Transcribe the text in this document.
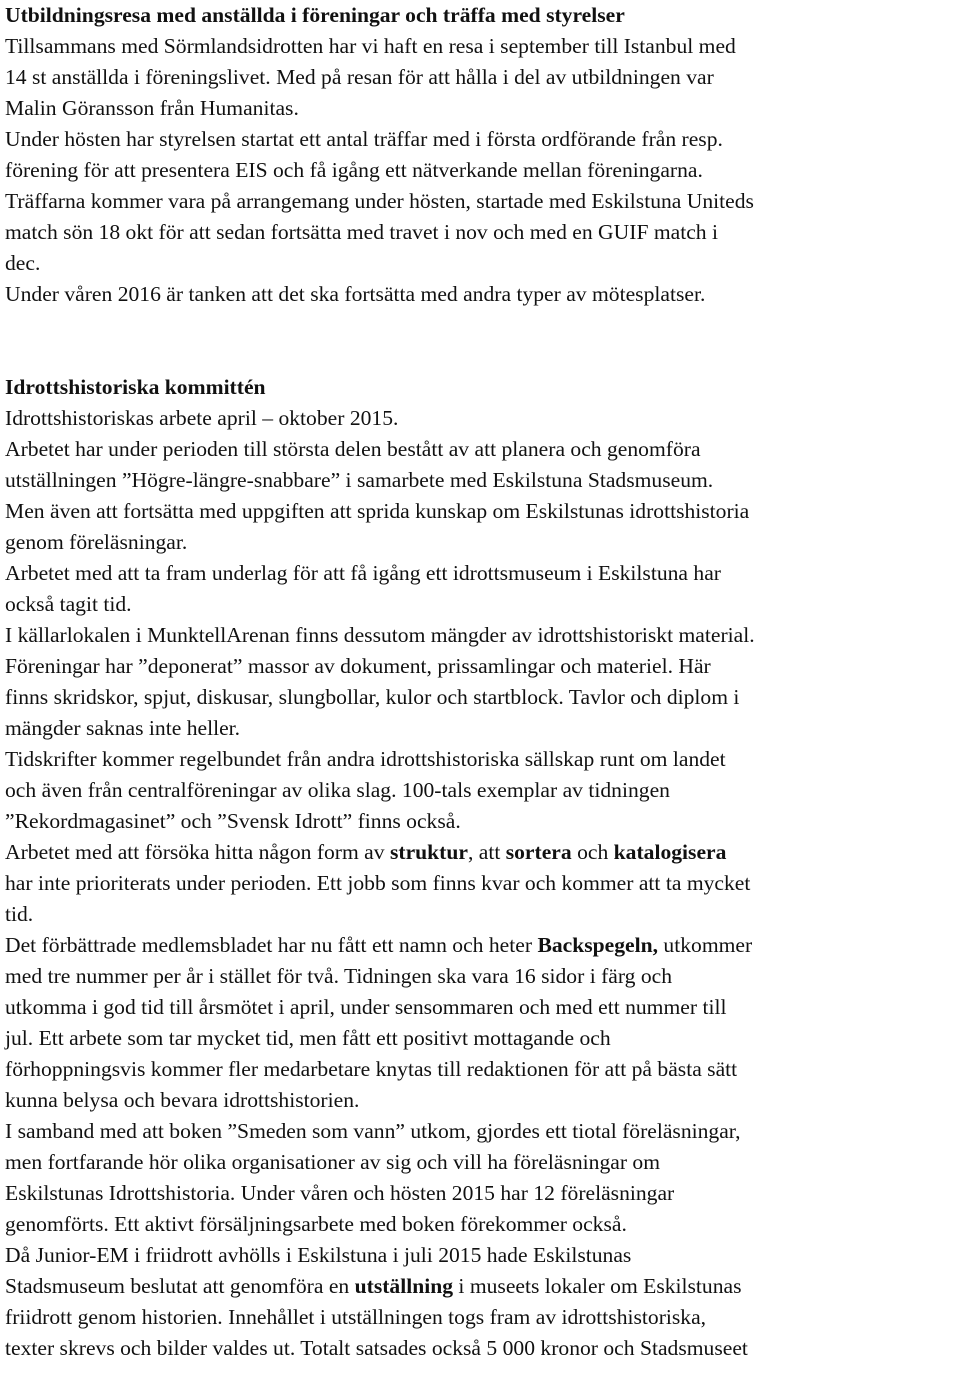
Utbildningsresa med anställda i föreningar och träffa med styrelser
Tillsammans med Sörmlandsidrotten har vi haft en resa i september till Istanbul med
14 st anställda i föreningslivet. Med på resan för att hålla i del av utbildningen var
Malin Göransson från Humanitas.
Under hösten har styrelsen startat ett antal träffar med i första ordförande från resp.
förening för att presentera EIS och få igång ett nätverkande mellan föreningarna.
Träffarna kommer vara på arrangemang under hösten, startade med Eskilstuna Uniteds
match sön 18 okt för att sedan fortsätta med travet i nov och med en GUIF match i
dec.
Under våren 2016 är tanken att det ska fortsätta med andra typer av mötesplatser.
Idrottshistoriska kommittén
Idrottshistoriskas arbete april – oktober 2015.
Arbetet har under perioden till största delen bestått av att planera och genomföra
utställningen ”Högre-längre-snabbare” i samarbete med Eskilstuna Stadsmuseum.
Men även att fortsätta med uppgiften att sprida kunskap om Eskilstunas idrottshistoria
genom föreläsningar.
Arbetet med att ta fram underlag för att få igång ett idrottsmuseum i Eskilstuna har
också tagit tid.
I källarlokalen i MunktellArenan finns dessutom mängder av idrottshistoriskt material.
Föreningar har ”deponerat” massor av dokument, prissamlingar och materiel. Här
finns skridskor, spjut, diskusar, slungbollar, kulor och startblock. Tavlor och diplom i
mängder saknas inte heller.
Tidskrifter kommer regelbundet från andra idrottshistoriska sällskap runt om landet
och även från centralföreningar av olika slag. 100-tals exemplar av tidningen
”Rekordmagasinet” och ”Svensk Idrott” finns också.
Arbetet med att försöka hitta någon form av struktur, att sortera och katalogisera
har inte prioriterats under perioden. Ett jobb som finns kvar och kommer att ta mycket
tid.
Det förbättrade medlemsbladet har nu fått ett namn och heter Backspegeln, utkommer
med tre nummer per år i stället för två. Tidningen ska vara 16 sidor i färg och
utkomma i god tid till årsmötet i april, under sensommaren och med ett nummer till
jul. Ett arbete som tar mycket tid, men fått ett positivt mottagande och
förhoppningsvis kommer fler medarbetare knytas till redaktionen för att på bästa sätt
kunna belysa och bevara idrottshistorien.
I samband med att boken ”Smeden som vann” utkom, gjordes ett tiotal föreläsningar,
men fortfarande hör olika organisationer av sig och vill ha föreläsningar om
Eskilstunas Idrottshistoria. Under våren och hösten 2015 har 12 föreläsningar
genomförts. Ett aktivt försäljningsarbete med boken förekommer också.
Då Junior-EM i friidrott avhölls i Eskilstuna i juli 2015 hade Eskilstunas
Stadsmuseum beslutat att genomföra en utställning i museets lokaler om Eskilstunas
friidrott genom historien. Innehållet i utställningen togs fram av idrottshistoriska,
texter skrevs och bilder valdes ut. Totalt satsades också 5 000 kronor och Stadsmuseet
